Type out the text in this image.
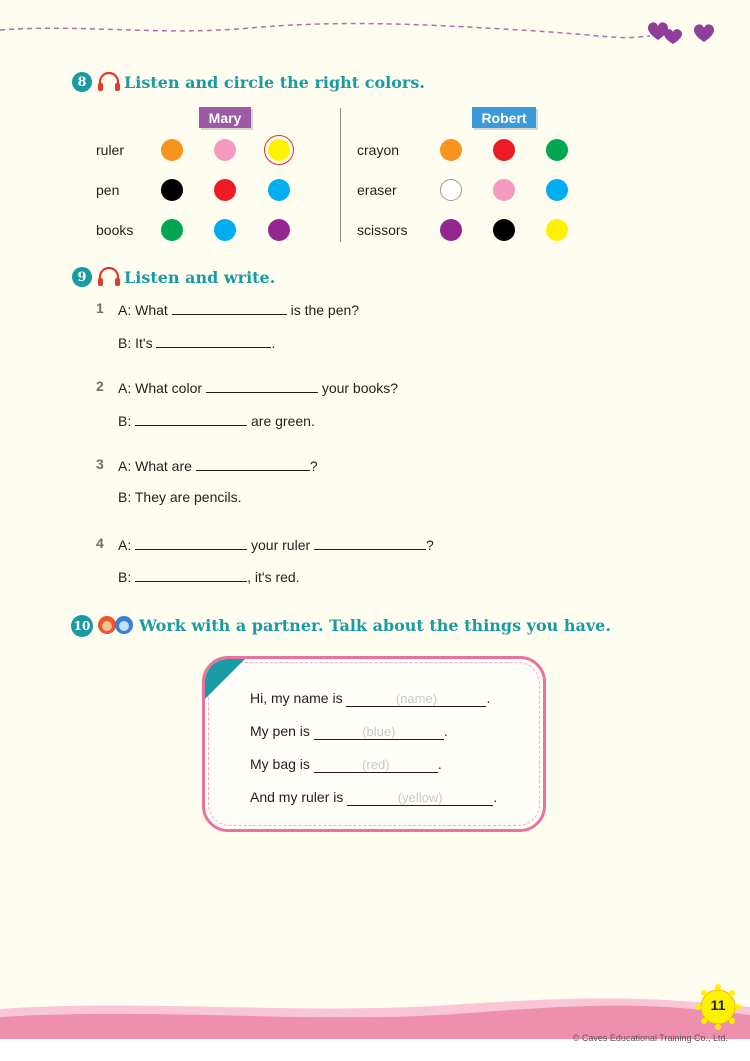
8	Listen and circle the right colors.
Mary	Robert
ruler
pen
books
crayon
eraser
scissors
9	Listen and write.
1 A: What	is the pen?
B: It's	.
2 A: What color	your books?
B:	are green.
3 A: What are	?
B: They are pencils.
4 A:	your ruler	?
B:	, it's red.
10	Work with a partner. Talk about the things you have.
Hi, my name is	(name)	.
My pen is	(blue)	.
My bag is	(red)	.
And my ruler is	(yellow)	.
11
© Caves Educational Training Co., Ltd.
